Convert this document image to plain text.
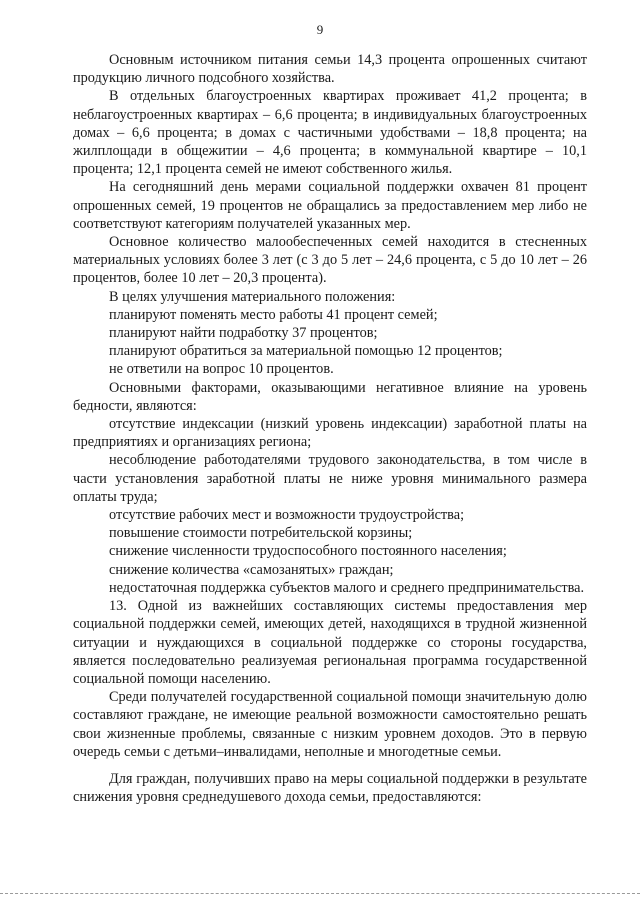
9

Основным источником питания семьи 14,3 процента опрошенных считают продукцию личного подсобного хозяйства.

В отдельных благоустроенных квартирах проживает 41,2 процента; в неблагоустроенных квартирах – 6,6 процента; в индивидуальных благоустроенных домах – 6,6 процента; в домах с частичными удобствами – 18,8 процента; на жилплощади в общежитии – 4,6 процента; в коммунальной квартире – 10,1 процента; 12,1 процента семей не имеют собственного жилья.

На сегодняшний день мерами социальной поддержки охвачен 81 процент опрошенных семей, 19 процентов не обращались за предоставлением мер либо не соответствуют категориям получателей указанных мер.

Основное количество малообеспеченных семей находится в стесненных материальных условиях более 3 лет (с 3 до 5 лет – 24,6 процента, с 5 до 10 лет – 26 процентов, более 10 лет – 20,3 процента).

В целях улучшения материального положения:

планируют поменять место работы 41 процент семей;

планируют найти подработку 37 процентов;

планируют обратиться за материальной помощью 12 процентов;

не ответили на вопрос 10 процентов.

Основными факторами, оказывающими негативное влияние на уровень бедности, являются:

отсутствие индексации (низкий уровень индексации) заработной платы на предприятиях и организациях региона;

несоблюдение работодателями трудового законодательства, в том числе в части установления заработной платы не ниже уровня минимального размера оплаты труда;

отсутствие рабочих мест и возможности трудоустройства;

повышение стоимости потребительской корзины;

снижение численности трудоспособного постоянного населения;

снижение количества «самозанятых» граждан;

недостаточная поддержка субъектов малого и среднего предпринимательства.

13. Одной из важнейших составляющих системы предоставления мер социальной поддержки семей, имеющих детей, находящихся в трудной жизненной ситуации и нуждающихся в социальной поддержке со стороны государства, является последовательно реализуемая региональная программа государственной социальной помощи населению.

Среди получателей государственной социальной помощи значительную долю составляют граждане, не имеющие реальной возможности самостоятельно решать свои жизненные проблемы, связанные с низким уровнем доходов. Это в первую очередь семьи с детьми–инвалидами, неполные и многодетные семьи.

Для граждан, получивших право на меры социальной поддержки в результате снижения уровня среднедушевого дохода семьи, предоставляются:
